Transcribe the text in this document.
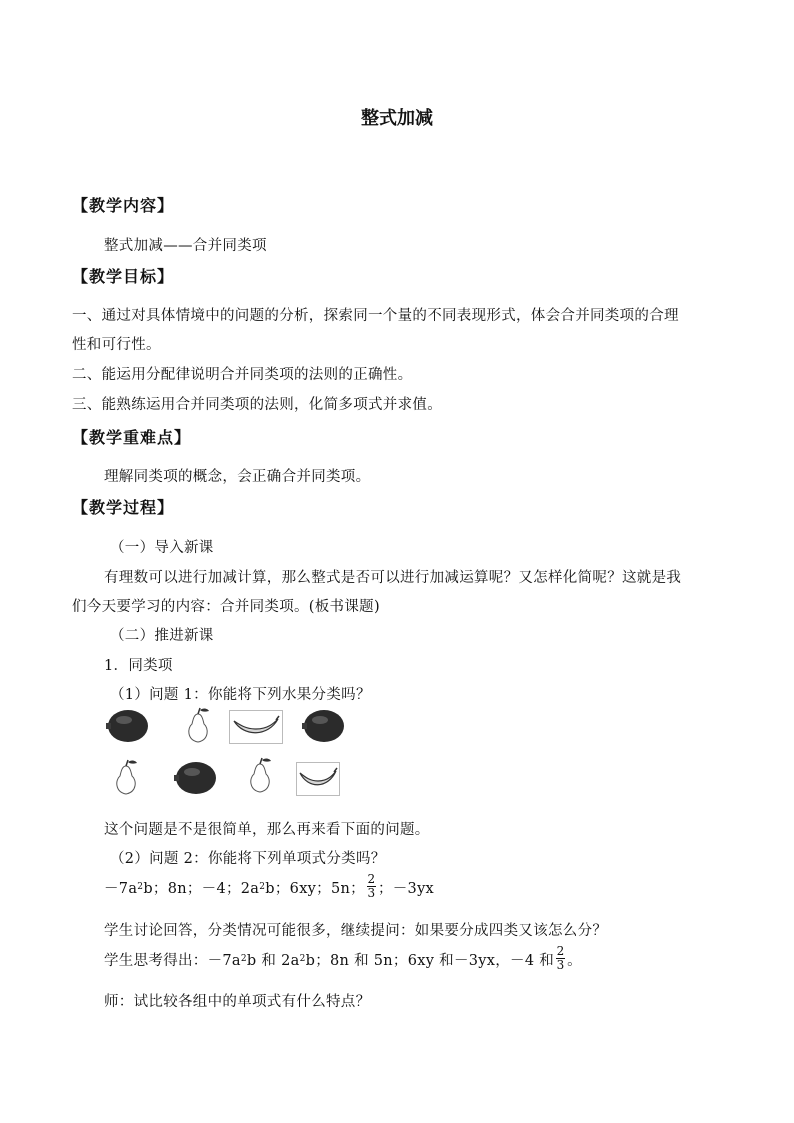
整式加减
【教学内容】
整式加减——合并同类项
【教学目标】
一、通过对具体情境中的问题的分析，探索同一个量的不同表现形式，体会合并同类项的合理
性和可行性。
二、能运用分配律说明合并同类项的法则的正确性。
三、能熟练运用合并同类项的法则，化简多项式并求值。
【教学重难点】
理解同类项的概念，会正确合并同类项。
【教学过程】
（一）导入新课
有理数可以进行加减计算，那么整式是否可以进行加减运算呢？又怎样化简呢？这就是我
们今天要学习的内容：合并同类项。(板书课题)
（二）推进新课
1．同类项
（1）问题 1：你能将下列水果分类吗？
这个问题是不是很简单，那么再来看下面的问题。
（2）问题 2：你能将下列单项式分类吗？
－7a 2 b；8n；－4；2a 2 b；6xy；5n； $\frac{2}{3}$ ；－3yx
学生讨论回答，分类情况可能很多，继续提问：如果要分成四类又该怎么分？
学生思考得出：－7a 2 b 和 2a 2 b；8n 和 5n；6xy 和－3yx，－4 和 $\frac{2}{3}$ 。
师：试比较各组中的单项式有什么特点？
